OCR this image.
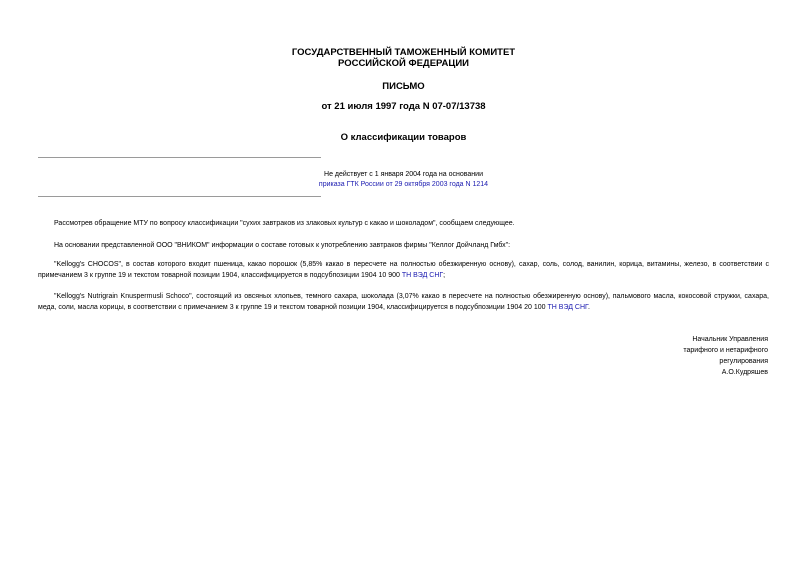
ГОСУДАРСТВЕННЫЙ ТАМОЖЕННЫЙ КОМИТЕТ
РОССИЙСКОЙ ФЕДЕРАЦИИ
ПИСЬМО
от 21 июля 1997 года N 07-07/13738
О классификации товаров
Не действует с 1 января 2004 года на основании
приказа ГТК России от 29 октября 2003 года N 1214
Рассмотрев обращение МТУ по вопросу классификации "сухих завтраков из злаковых культур с какао и шоколадом", сообщаем следующее.
На основании представленной ООО "ВНИКОМ" информации о составе готовых к употреблению завтраков фирмы "Келлог Дойчланд Гмбх":
"Kellogg's CHOCOS", в состав которого входит пшеница, какао порошок (5,85% какао в пересчете на полностью обезжиренную основу), сахар, соль, солод, ванилин, корица, витамины, железо, в соответствии с примечанием 3 к группе 19 и текстом товарной позиции 1904, классифицируется в подсубпозиции 1904 10 900 ТН ВЭД СНГ;
"Kellogg's Nutrigrain Knuspermusli Schoco", состоящий из овсяных хлопьев, темного сахара, шоколада (3,07% какао в пересчете на полностью обезжиренную основу), пальмового масла, кокосовой стружки, сахара, меда, соли, масла корицы, в соответствии с примечанием 3 к группе 19 и текстом товарной позиции 1904, классифицируется в подсубпозиции 1904 20 100 ТН ВЭД СНГ.
Начальник Управления
тарифного и нетарифного
регулирования
А.О.Кудряшев
